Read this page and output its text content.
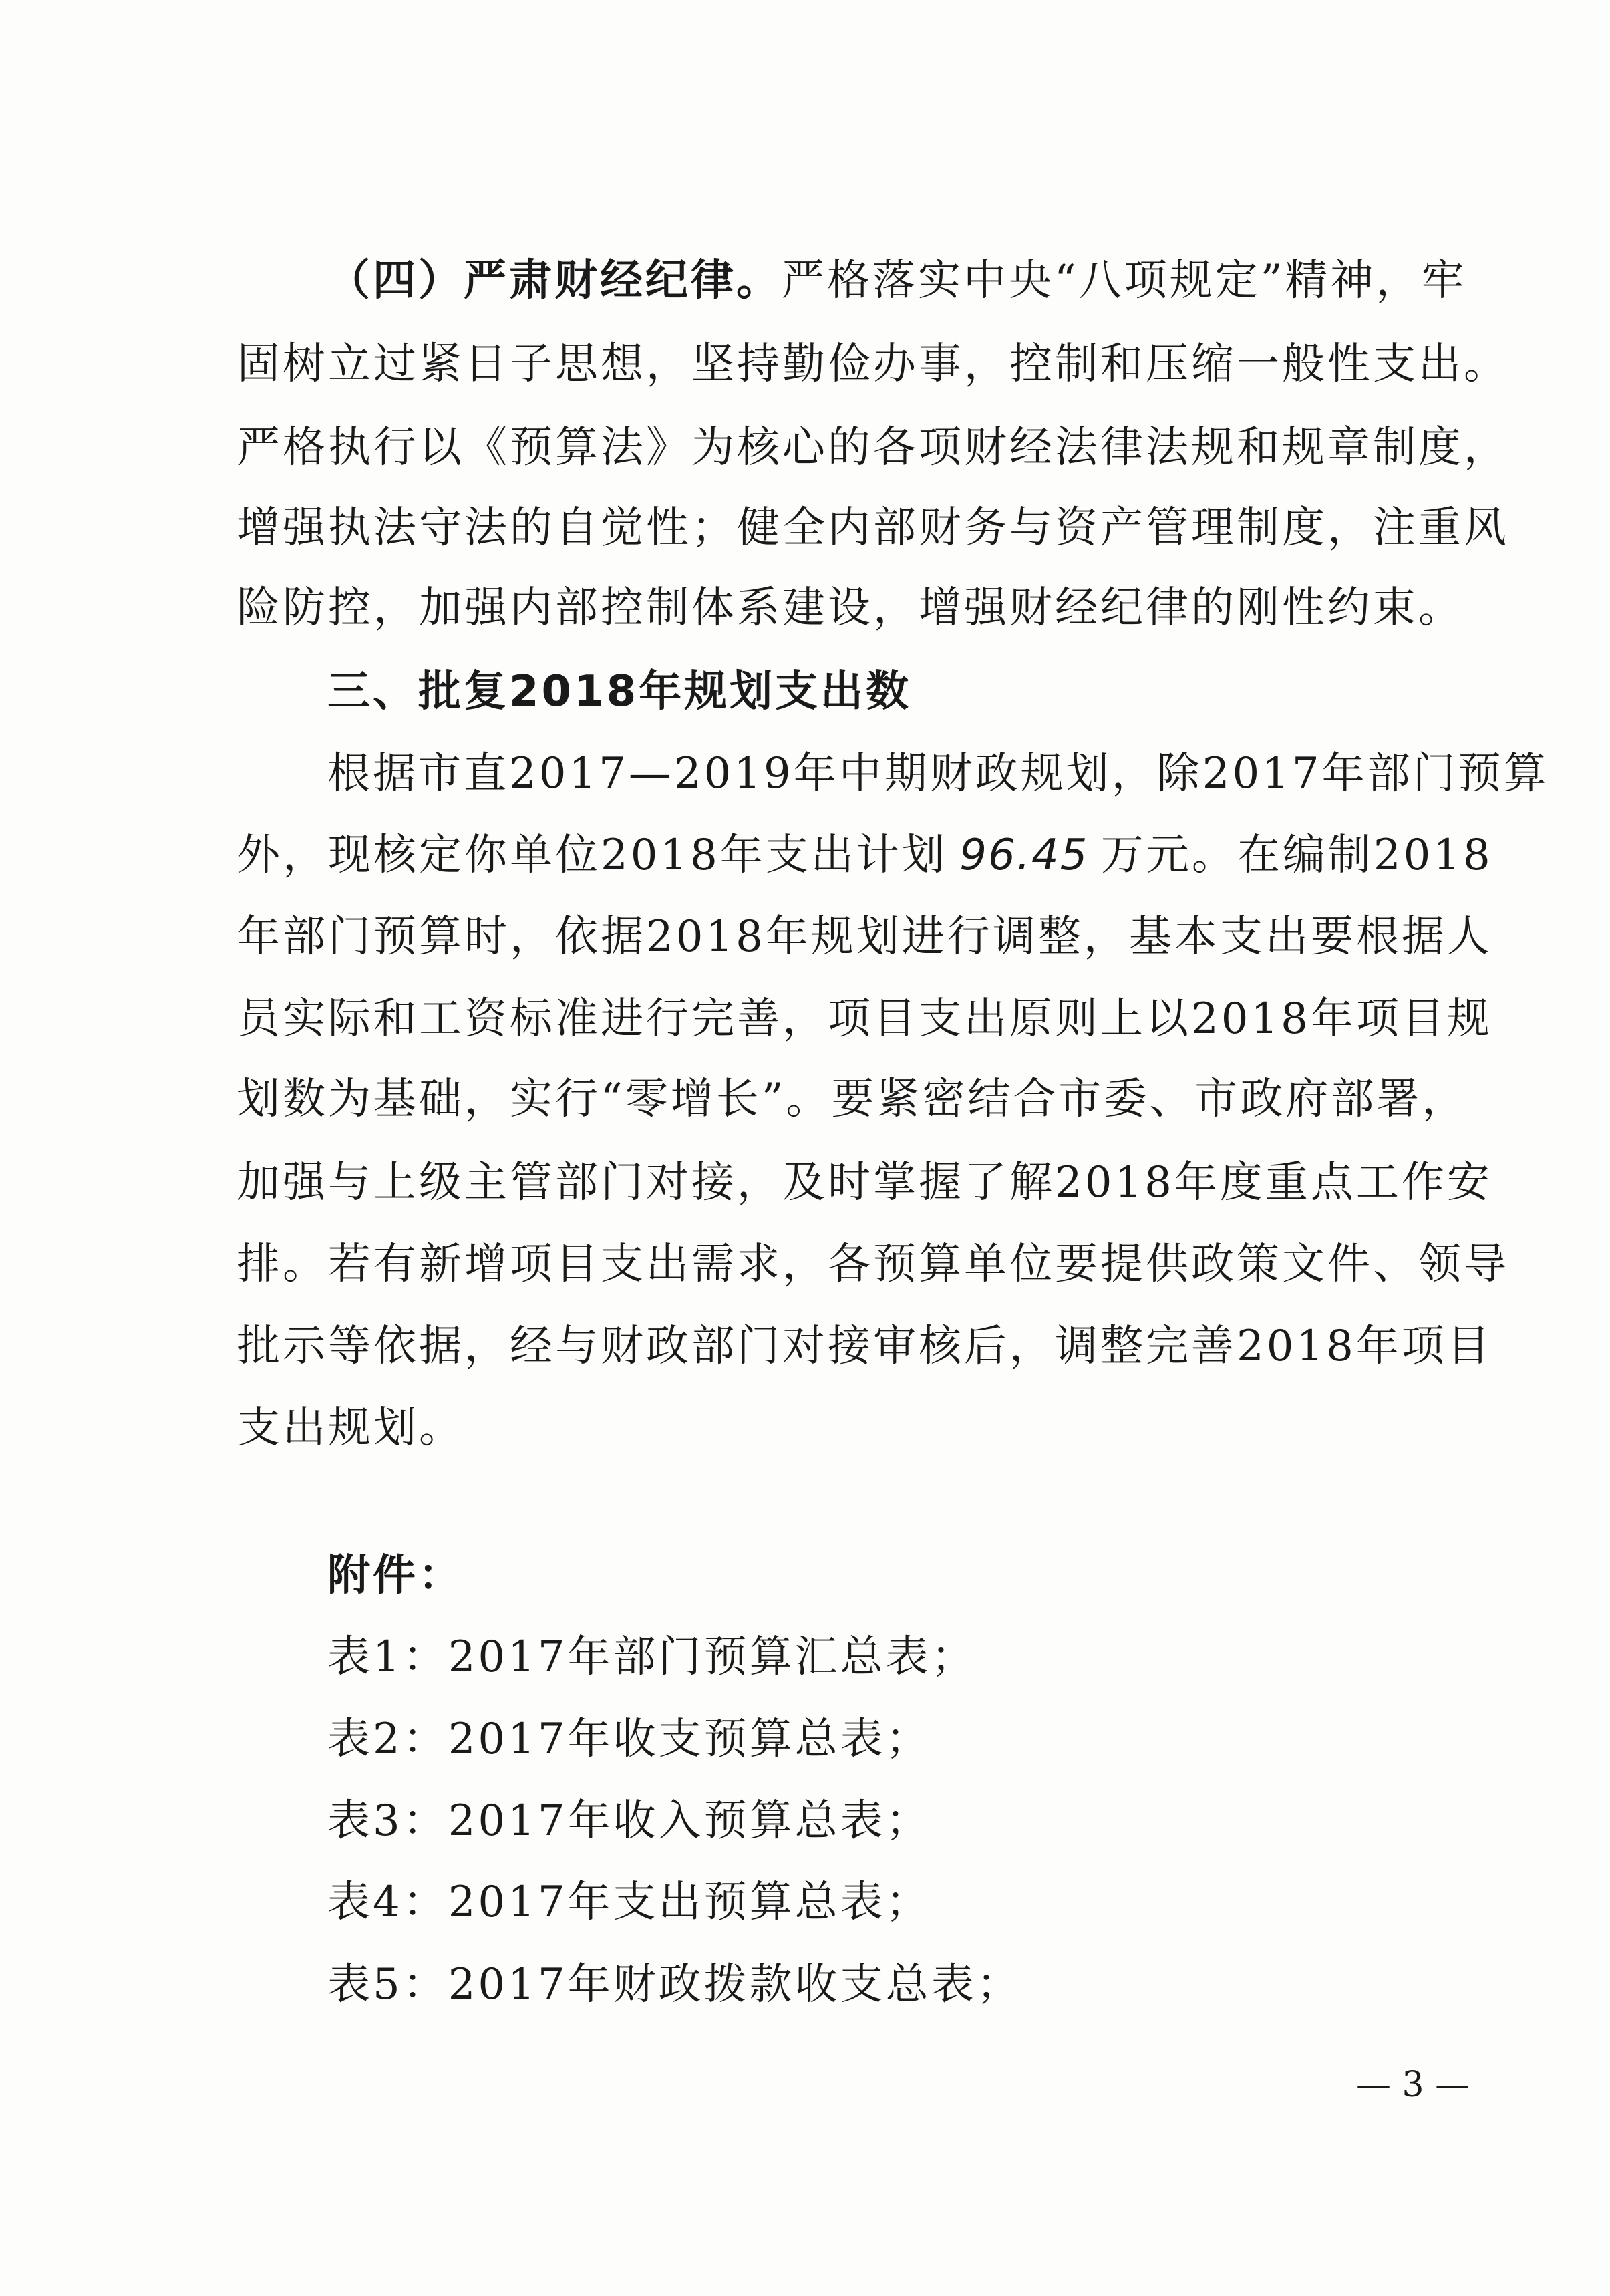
（四）严肃财经纪律。严格落实中央“八项规定”精神，牢
固树立过紧日子思想，坚持勤俭办事，控制和压缩一般性支出。
严格执行以《预算法》为核心的各项财经法律法规和规章制度，
增强执法守法的自觉性；健全内部财务与资产管理制度，注重风
险防控，加强内部控制体系建设，增强财经纪律的刚性约束。
三、批复2018年规划支出数
根据市直2017—2019年中期财政规划，除2017年部门预算
外，现核定你单位2018年支出计划 96.45 万元。在编制2018
年部门预算时，依据2018年规划进行调整，基本支出要根据人
员实际和工资标准进行完善，项目支出原则上以2018年项目规
划数为基础，实行“零增长”。要紧密结合市委、市政府部署，
加强与上级主管部门对接，及时掌握了解2018年度重点工作安
排。若有新增项目支出需求，各预算单位要提供政策文件、领导
批示等依据，经与财政部门对接审核后，调整完善2018年项目
支出规划。
附件：
表1：2017年部门预算汇总表；
表2：2017年收支预算总表；
表3：2017年收入预算总表；
表4：2017年支出预算总表；
表5：2017年财政拨款收支总表；
— 3 —
